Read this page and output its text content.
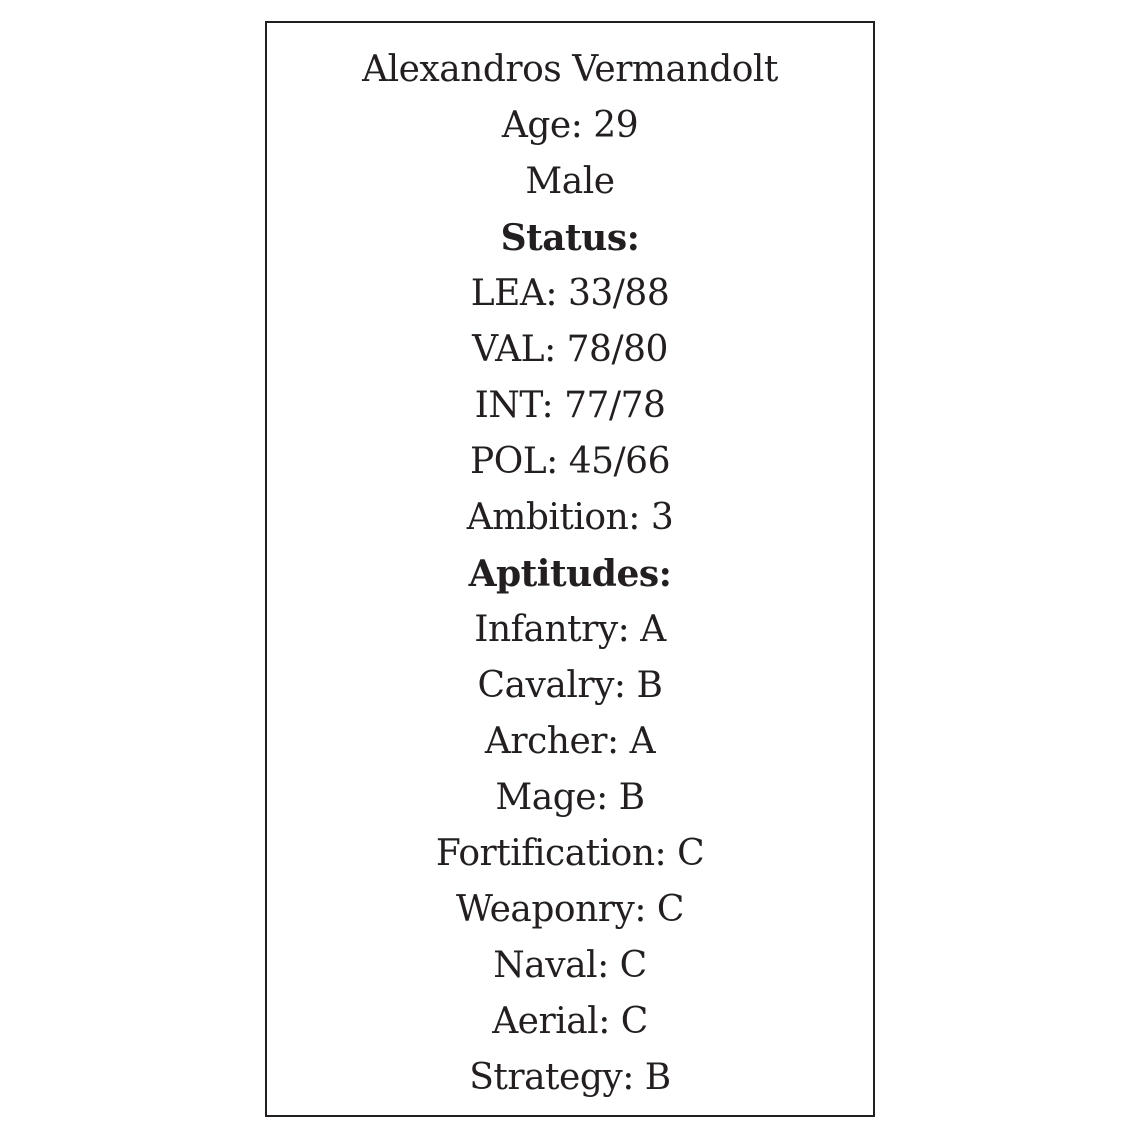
Alexandros Vermandolt
Age: 29
Male
Status:
LEA: 33/88
VAL: 78/80
INT: 77/78
POL: 45/66
Ambition: 3
Aptitudes:
Infantry: A
Cavalry: B
Archer: A
Mage: B
Fortification: C
Weaponry: C
Naval: C
Aerial: C
Strategy: B
